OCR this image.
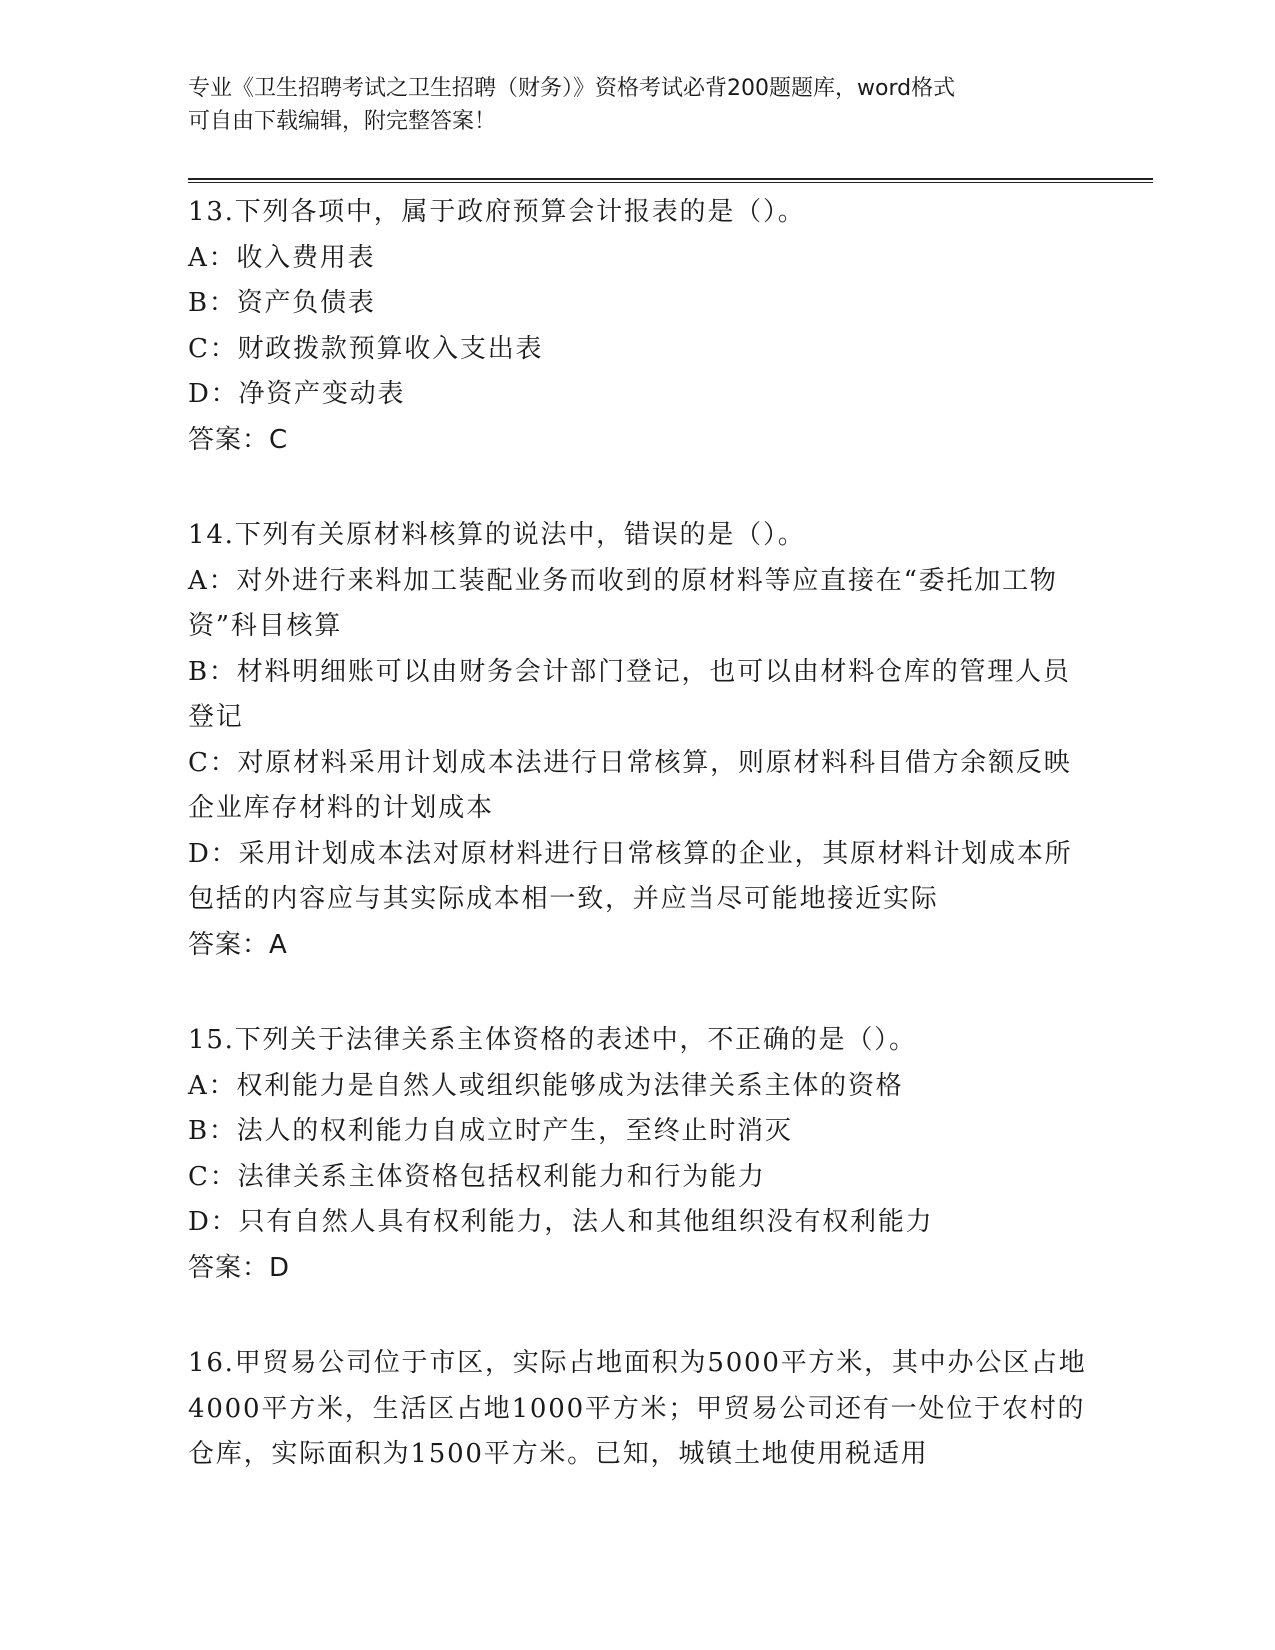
专业《卫生招聘考试之卫生招聘（财务）》资格考试必背200题题库，word格式
可自由下载编辑，附完整答案！
13.下列各项中，属于政府预算会计报表的是（）。
A：收入费用表
B：资产负债表
C：财政拨款预算收入支出表
D：净资产变动表
答案：C
14.下列有关原材料核算的说法中，错误的是（）。
A：对外进行来料加工装配业务而收到的原材料等应直接在“委托加工物资”科目核算
B：材料明细账可以由财务会计部门登记，也可以由材料仓库的管理人员登记
C：对原材料采用计划成本法进行日常核算，则原材料科目借方余额反映企业库存材料的计划成本
D：采用计划成本法对原材料进行日常核算的企业，其原材料计划成本所包括的内容应与其实际成本相一致，并应当尽可能地接近实际
答案：A
15.下列关于法律关系主体资格的表述中，不正确的是（）。
A：权利能力是自然人或组织能够成为法律关系主体的资格
B：法人的权利能力自成立时产生，至终止时消灭
C：法律关系主体资格包括权利能力和行为能力
D：只有自然人具有权利能力，法人和其他组织没有权利能力
答案：D
16.甲贸易公司位于市区，实际占地面积为5000平方米，其中办公区占地4000平方米，生活区占地1000平方米；甲贸易公司还有一处位于农村的仓库，实际面积为1500平方米。已知，城镇土地使用税适用
